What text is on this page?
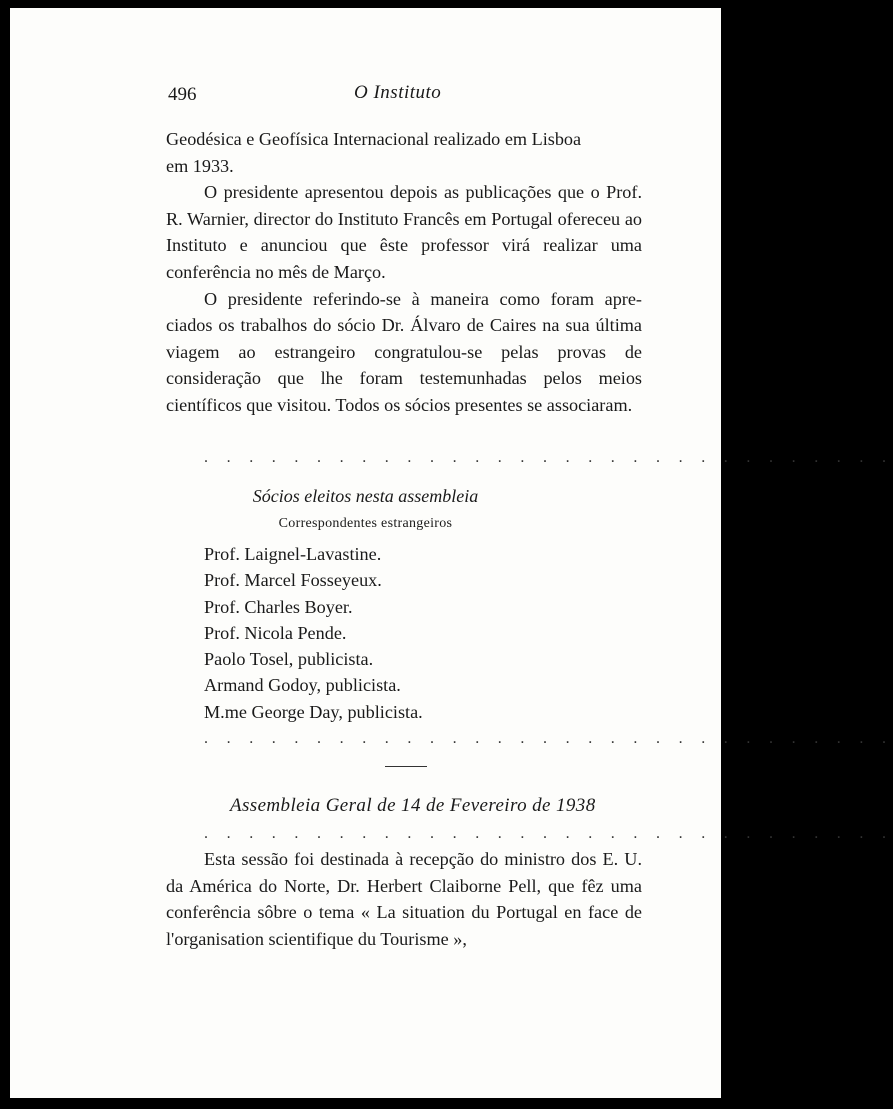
496	O Instituto

Geodésica e Geofísica Internacional realizado em Lisboa
em 1933.

O presidente apresentou depois as publicações que o Prof. R. Warnier, director do Instituto Francês em Portugal ofereceu ao Instituto e anunciou que êste professor virá realizar uma conferência no mês de Março.

O presidente referindo-se à maneira como foram apre- ciados os trabalhos do sócio Dr. Álvaro de Caires na sua última viagem ao estrangeiro congratulou-se pelas provas de consideração que lhe foram testemunhadas pelos meios científicos que visitou. Todos os sócios presentes se associaram.

. . . . . . . . . . . . . . . . . . . . . . . . . . . . . . .
Sócios eleitos nesta assembleia
Correspondentes estrangeiros
Prof. Laignel-Lavastine.
Prof. Marcel Fosseyeux.
Prof. Charles Boyer.
Prof. Nicola Pende.
Paolo Tosel, publicista.
Armand Godoy, publicista.
M.me George Day, publicista.
. . . . . . . . . . . . . . . . . . . . . . . . . . . . . . .
Assembleia Geral de 14 de Fevereiro de 1938
. . . . . . . . . . . . . . . . . . . . . . . . . . . . . . .

Esta sessão foi destinada à recepção do ministro dos E. U. da América do Norte, Dr. Herbert Claiborne Pell, que fêz uma conferência sôbre o tema « La situation du Portugal en face de l'organisation scientifique du Tourisme »,
